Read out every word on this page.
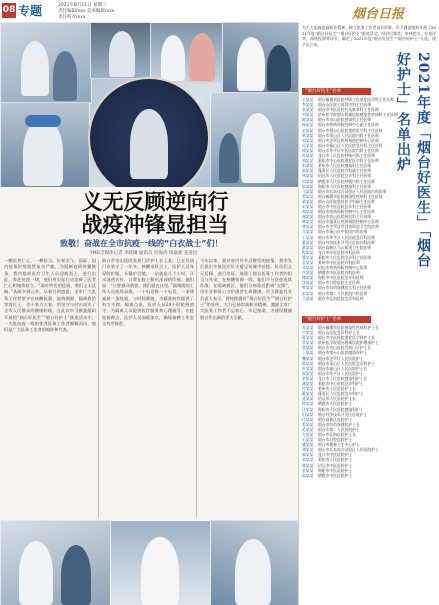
08 专题	2021年8月11日 星期三
责任编辑/xxx 美术编辑/xxx
责任校对/xxx	烟台日报
义无反顾逆向行
战疫冲锋显担当
致敬！奋战在全市抗疫一线的“白衣战士”们！
YMG全媒体记者 李晓琳 通讯员 宫海涛 周嘉惠 姜清昌
一颗医者仁心，一种担当。年初至今，国际、国内疫情形势依然复杂严峻，为阻断疫情传播链条，我市组织医疗卫生人员迎难而上，逆行出征，奔赴抗疫一线，他们用实际行动诠释了医者仁心和使命担当。“面对突发的疫情，我们义无反顾。”从除夕到元宵，从春日到盛夏，全市广大医务工作者坚守在核酸检测、流调溯源、隔离救治等岗位上，舍小家为大家，用坚守与付出筑牢了全市人民群众的健康防线。在此次市卫健委组织开展的“烟台好医生”“烟台好护士”推选活动中，一大批抗疫一线的优秀医务工作者脱颖而出，他们是广大医务工作者的缩影和代表。
烟台市奇山医院发热门诊护士长王某，已在发热门诊坚守了一年多。核酸采样点上，医护人员身穿防护服，头戴护目镜，一站就是几个小时，汗水湿透衣衫，口罩在脸上勒出深深的印痕。他们说：“只要群众需要，我们就在这里。”流调组的工作人员连续奋战，一个电话接一个电话，一条线索接一条线索，与时间赛跑，为精准防控提供了有力支撑。隔离点里，医护人员24小时轮班值守，为隔离人员提供医疗服务和心理疏导。在疫苗接种点，医护人员加班加点，确保接种工作安全有序推进。
今年以来，面对省内外多点散发的疫情，我市先后派出多批医疗队支援兄弟城市抗疫。队员们义无反顾、逆行出征，展现了烟台医务工作者的担当与风采。在核酸检测一线，他们不分昼夜连续作战；在隔离病区，他们与病毒近距离“交锋”，用专业和爱心守护患者生命健康。市卫健委有关负责人表示，将持续做好“烟台好医生”“烟台好护士”的宣传，大力弘扬崇高职业精神，激励全市广大医务工作者不忘初心、牢记使命，为建设健康烟台作出新的更大贡献。
为大力弘扬崇高职业精神，树立医务工作者良好形象，市卫健委组织开展了2021年度“烟台好医生”“烟台好护士”推选活动。经层层推荐、审核把关、专家评审、网络投票等环节，确定了2021年度“烟台好医生”“烟台好护士”人选，现予以公布。
2021年度「烟台好医生」「烟台好护士」名单出炉
“烟台好医生”名单
王某某 烟台毓璜顶医院呼吸与危重症医学科主任医师
李某某 烟台山医院心血管内科主任医师
张某某 烟台市中医医院针灸推拿科主任医师
刘某某 滨州医学院烟台附属医院感染性疾病科主任医师
陈某某 烟台市奇山医院感染科主任医师
杨某某 烟台市疾病预防控制中心副主任医师
赵某某 烟台市烟台山医院重症医学科主任医师
黄某某 烟台市莱山区人民医院内科主任医师
周某某 烟台市芝罘区疾病预防控制中心医师
吴某某 烟台市福山区人民医院急诊科主任医师
徐某某 烟台市牟平区中医医院内科主任医师
孙某某 龙口市人民医院呼吸内科主任医师
胡某某 莱阳市中心医院重症医学科主任医师
朱某某 莱州市人民医院感染科主任医师
高某某 蓬莱区人民医院内科副主任医师
林某某 招远市人民医院急诊科主任医师
何某某 栖霞市人民医院呼吸内科主任医师
郭某某 海阳市人民医院感染科主任医师
马某某 烟台市长岛综合试验区人民医院内科医师
罗某某 烟台毓璜顶医院感染性疾病科主任医师
梁某某 烟台山医院重症医学科副主任医师
宋某某 烟台市中医医院急诊科主任医师
郑某某 烟台市疾病预防控制中心主任医师
谢某某 烟台市奇山医院检验科主任技师
韩某某 烟台市蓬莱区疾病预防控制中心医师
唐某某 烟台市芝罘区世回尧街道卫生院医师
冯某某 烟台市福山区中医院内科医师
于某某 烟台市牟平区人民医院急诊科医师
董某某 烟台经济技术开发区医院内科医师
萧某某 烟台高新区马山街道卫生院医师
程某某 龙口市中医医院内科医师
曹某某 莱阳市人民医院急诊科主任医师
袁某某 莱州市中医医院内科医师
邓某某 招远市疾病预防控制中心医师
许某某 栖霞市中医医院内科医师
傅某某 海阳市中医医院急诊科医师
沈某某 烟台市口腔医院主任医师
曾某某 烟台市妇幼保健院儿科主任医师
彭某某 烟台市第二人民医院内科医师
吕某某 烟台市北海医院急诊科医师
“烟台好护士”名单
苏某某 烟台毓璜顶医院感染性疾病科护士长
卢某某 烟台山医院急诊科护士长
蒋某某 烟台市中医医院重症医学科护士长
蔡某某 滨州医学院烟台附属医院护理部护士
贾某某 烟台市奇山医院发热门诊护士长
丁某某 烟台市烟台山医院感染科护士
魏某某 烟台市芝罘区人民医院护士
薛某某 烟台市莱山区人民医院急诊科护士
叶某某 烟台市福山区人民医院护士长
阎某某 烟台市牟平区人民医院护士
余某某 龙口市人民医院感染科护士长
潘某某 莱阳市中心医院急诊科护士
杜某某 莱州市人民医院护士长
戴某某 蓬莱区人民医院急诊科护士
夏某某 招远市人民医院护士长
钟某某 栖霞市人民医院护士
汪某某 海阳市人民医院感染科护士
田某某 烟台经济技术开发区医院护士
任某某 烟台高新区医院护士
姜某某 烟台市妇幼保健院护士长
范某某 烟台市第二人民医院护士
方某某 烟台市北海医院护士长
石某某 烟台市口腔医院护士
姚某某 烟台市精神卫生中心护士
谭某某 烟台市长岛综合试验区人民医院护士
廖某某 龙口市中医医院护士
邹某某 莱阳市人民医院护士
熊某某 招远市中医医院护士
金某某 海阳市中医医院护士
陆某某 栖霞市中医医院护士
